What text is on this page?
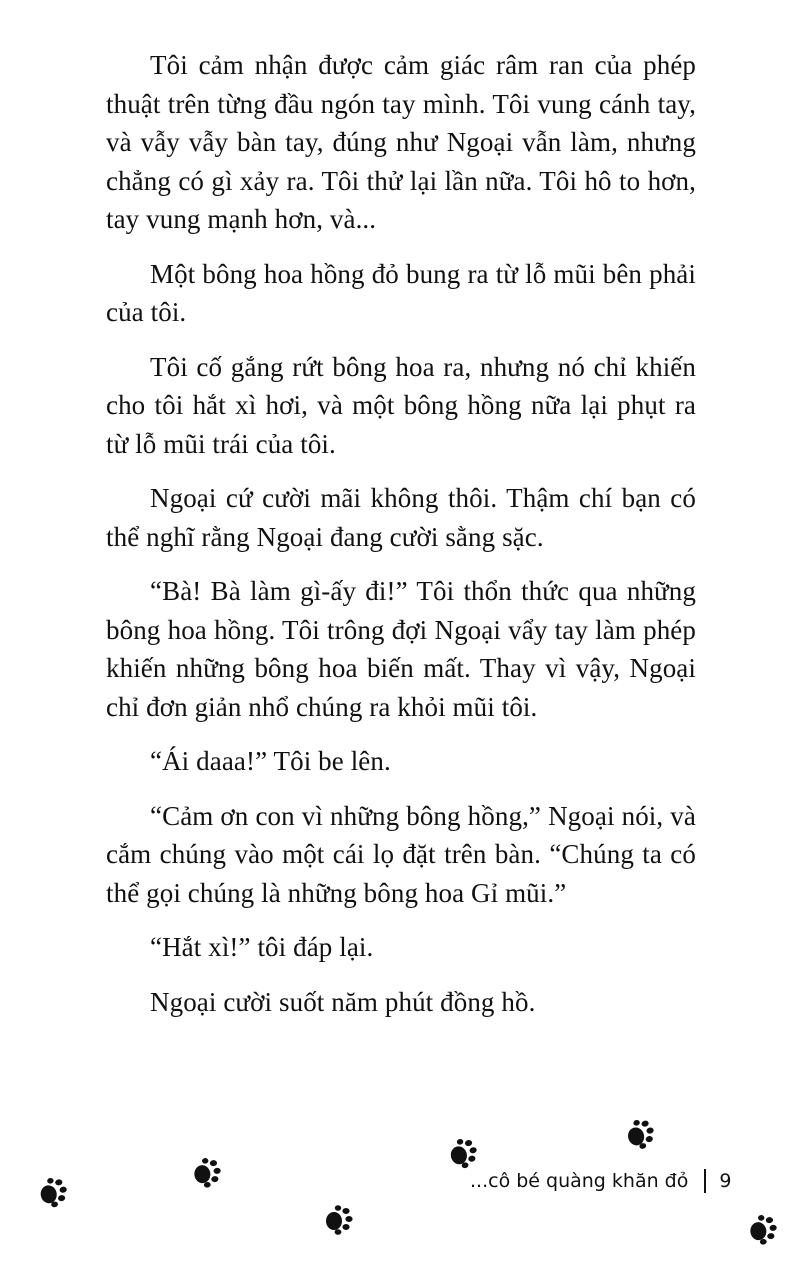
Tôi cảm nhận được cảm giác râm ran của phép thuật trên từng đầu ngón tay mình. Tôi vung cánh tay, và vẫy vẫy bàn tay, đúng như Ngoại vẫn làm, nhưng chẳng có gì xảy ra. Tôi thử lại lần nữa. Tôi hô to hơn, tay vung mạnh hơn, và...

Một bông hoa hồng đỏ bung ra từ lỗ mũi bên phải của tôi.

Tôi cố gắng rứt bông hoa ra, nhưng nó chỉ khiến cho tôi hắt xì hơi, và một bông hồng nữa lại phụt ra từ lỗ mũi trái của tôi.

Ngoại cứ cười mãi không thôi. Thậm chí bạn có thể nghĩ rằng Ngoại đang cười sằng sặc.

“Bà! Bà làm gì-ấy đi!” Tôi thổn thức qua những bông hoa hồng. Tôi trông đợi Ngoại vẩy tay làm phép khiến những bông hoa biến mất. Thay vì vậy, Ngoại chỉ đơn giản nhổ chúng ra khỏi mũi tôi.

“Ái daaa!” Tôi be lên.

“Cảm ơn con vì những bông hồng,” Ngoại nói, và cắm chúng vào một cái lọ đặt trên bàn. “Chúng ta có thể gọi chúng là những bông hoa Gỉ mũi.”

“Hắt xì!” tôi đáp lại.

Ngoại cười suốt năm phút đồng hồ.

...cô bé quàng khăn đỏ 9
